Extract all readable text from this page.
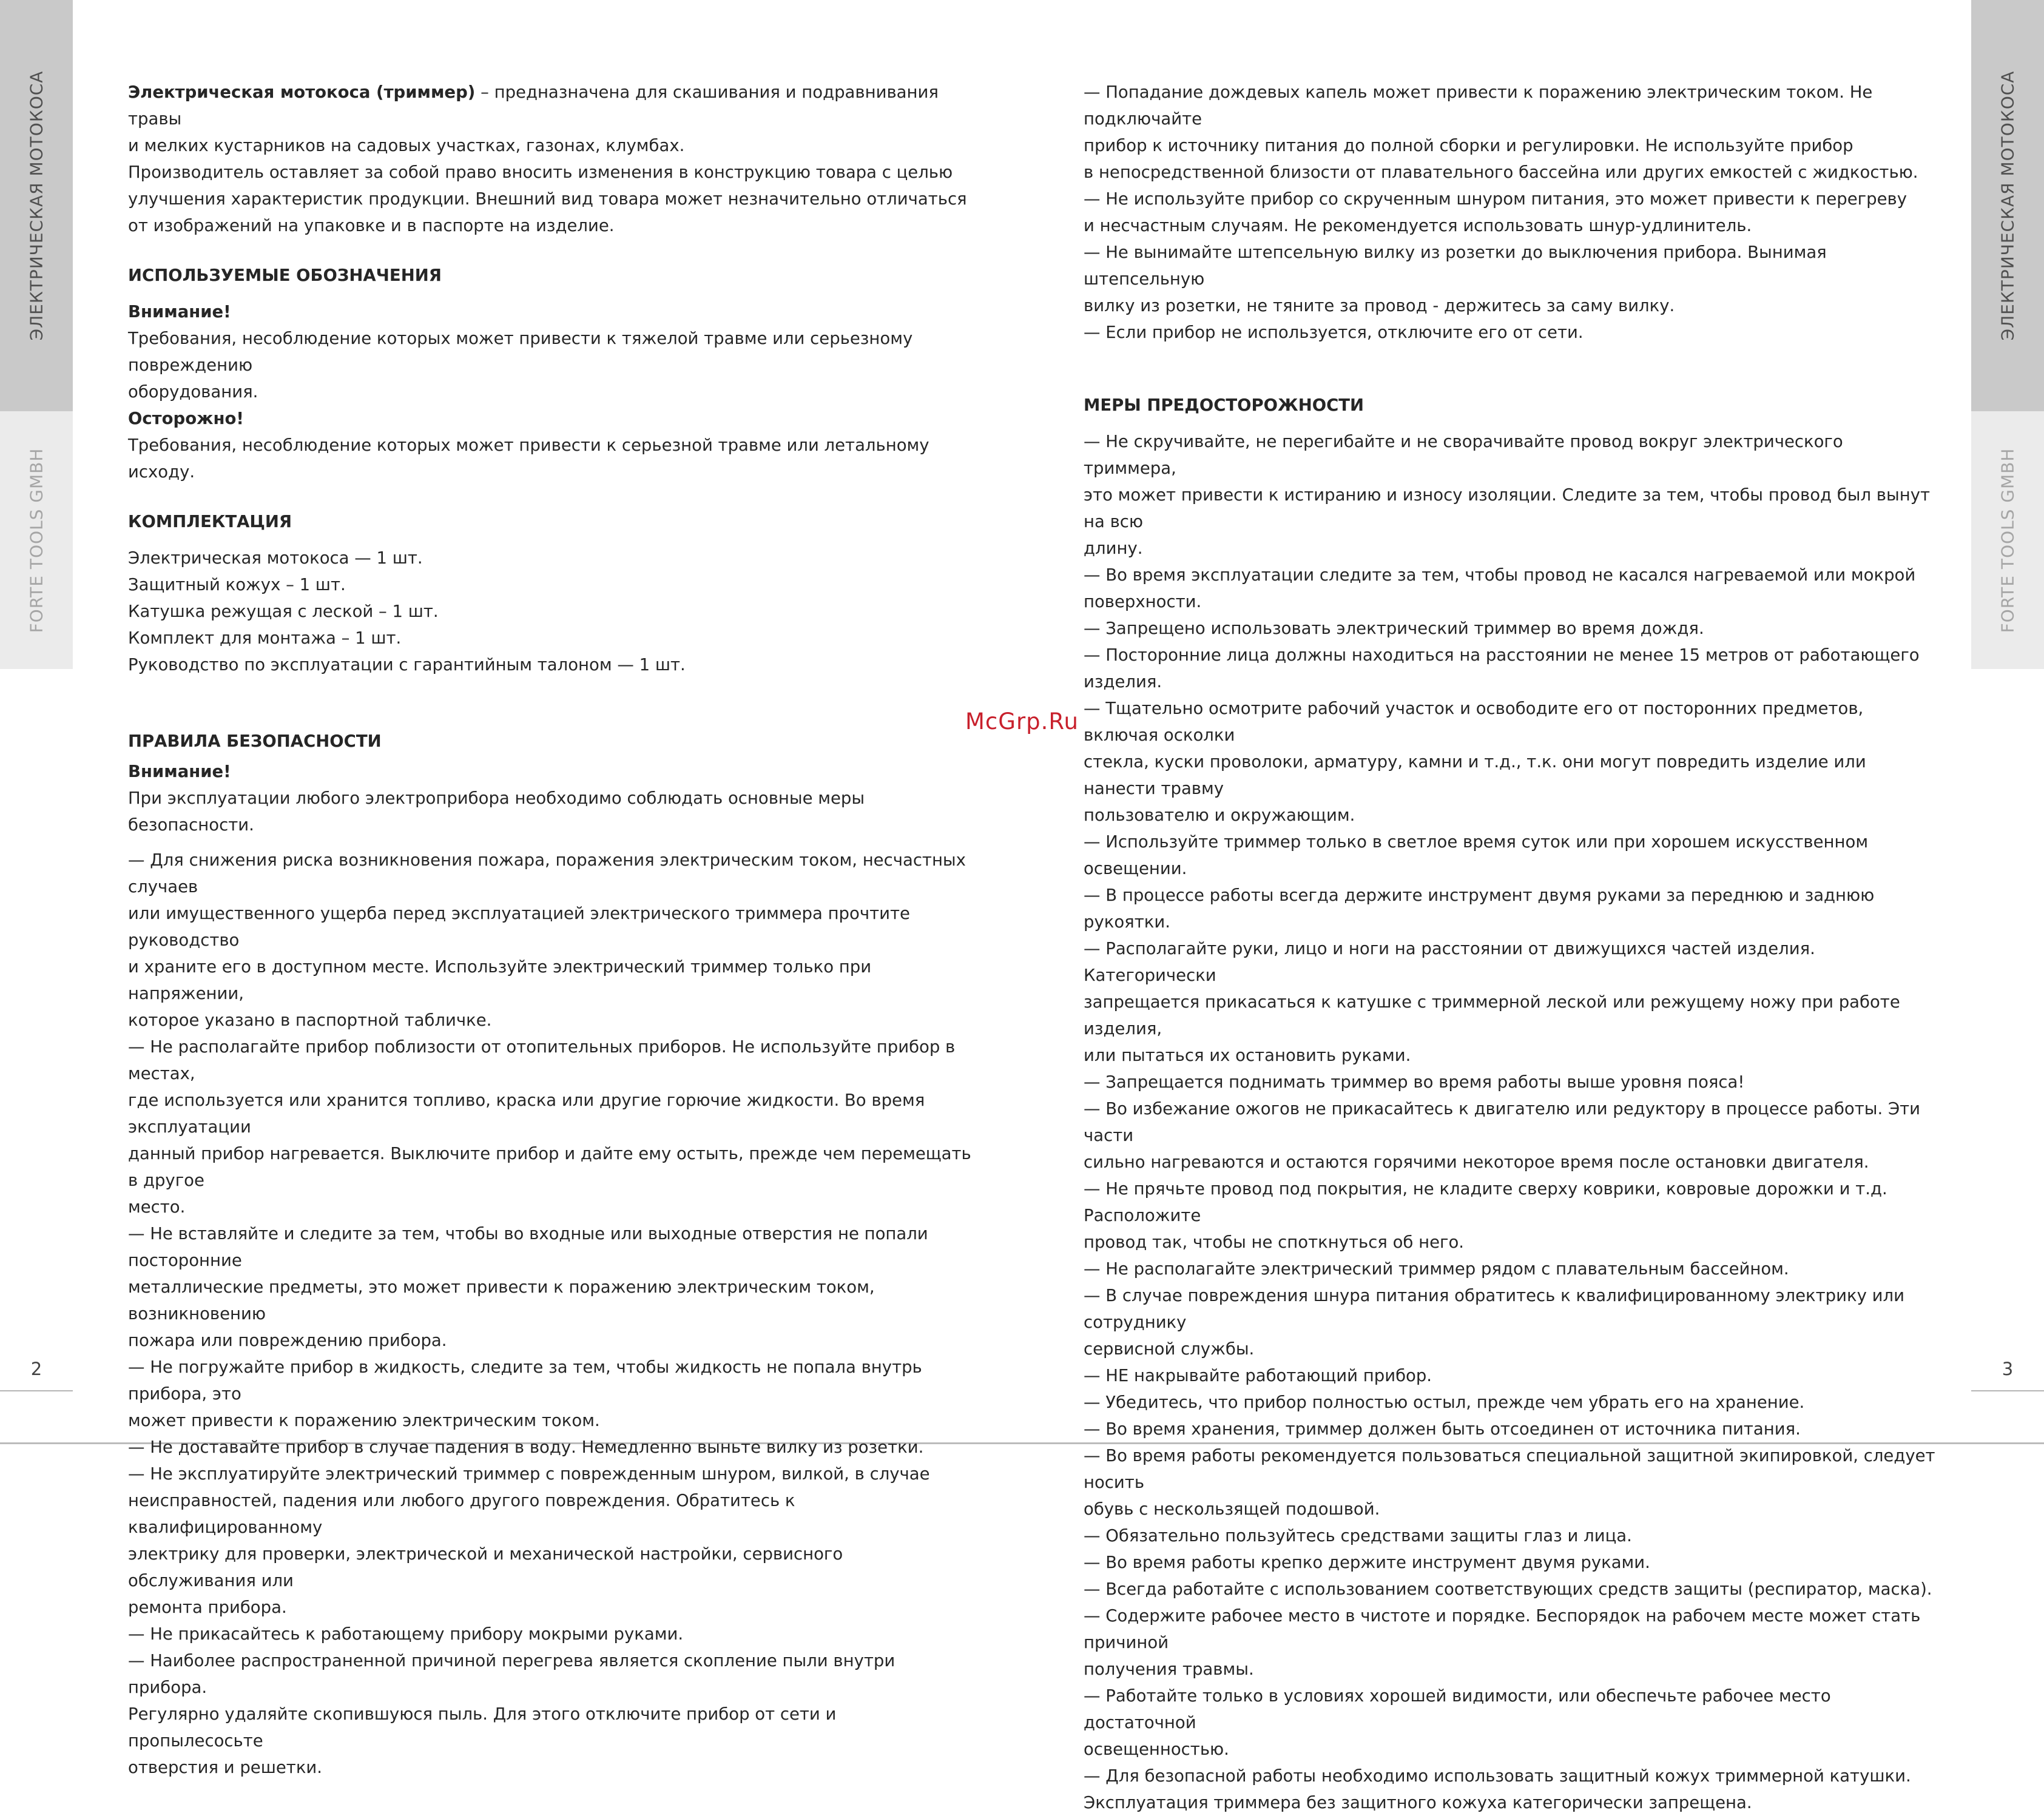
ЭЛЕКТРИЧЕСКАЯ МОТОКОСА
FORTE TOOLS GMBH
ЭЛЕКТРИЧЕСКАЯ МОТОКОСА
FORTE TOOLS GMBH
2	3
McGrp.Ru

Электрическая мотокоса (триммер) – предназначена для скашивания и подравнивания травы

и мелких кустарников на садовых участках, газонах, клумбах.

Производитель оставляет за собой право вносить изменения в конструкцию товара с целью

улучшения характеристик продукции. Внешний вид товара может незначительно отличаться

от изображений на упаковке и в паспорте на изделие.

ИСПОЛЬЗУЕМЫЕ ОБОЗНАЧЕНИЯ

Внимание!

Требования, несоблюдение которых может привести к тяжелой травме или серьезному повреждению

оборудования.

Осторожно!

Требования, несоблюдение которых может привести к серьезной травме или летальному исходу.

КОМПЛЕКТАЦИЯ

Электрическая мотокоса — 1 шт.

Защитный кожух – 1 шт.

Катушка режущая с леской – 1 шт.

Комплект для монтажа – 1 шт.

Руководство по эксплуатации с гарантийным талоном — 1 шт.

ПРАВИЛА БЕЗОПАСНОСТИ

Внимание!

При эксплуатации любого электроприбора необходимо соблюдать основные меры безопасности.

— Для снижения риска возникновения пожара, поражения электрическим током, несчастных случаев

или имущественного ущерба перед эксплуатацией электрического триммера прочтите руководство

и храните его в доступном месте. Используйте электрический триммер только при напряжении,

которое указано в паспортной табличке.

— Не располагайте прибор поблизости от отопительных приборов. Не используйте прибор в местах,

где используется или хранится топливо, краска или другие горючие жидкости. Во время эксплуатации

данный прибор нагревается. Выключите прибор и дайте ему остыть, прежде чем перемещать в другое

место.

— Не вставляйте и следите за тем, чтобы во входные или выходные отверстия не попали посторонние

металлические предметы, это может привести к поражению электрическим током, возникновению

пожара или повреждению прибора.

— Не погружайте прибор в жидкость, следите за тем, чтобы жидкость не попала внутрь прибора, это

может привести к поражению электрическим током.

— Не доставайте прибор в случае падения в воду. Немедленно выньте вилку из розетки.

— Не эксплуатируйте электрический триммер с поврежденным шнуром, вилкой, в случае

неисправностей, падения или любого другого повреждения. Обратитесь к квалифицированному

электрику для проверки, электрической и механической настройки, сервисного обслуживания или

ремонта прибора.

— Не прикасайтесь к работающему прибору мокрыми руками.

— Наиболее распространенной причиной перегрева является скопление пыли внутри прибора.

Регулярно удаляйте скопившуюся пыль. Для этого отключите прибор от сети и пропылесосьте

отверстия и решетки.

— Попадание дождевых капель может привести к поражению электрическим током. Не подключайте

прибор к источнику питания до полной сборки и регулировки. Не используйте прибор

в непосредственной близости от плавательного бассейна или других емкостей с жидкостью.

— Не используйте прибор со скрученным шнуром питания, это может привести к перегреву

и несчастным случаям. Не рекомендуется использовать шнур-удлинитель.

— Не вынимайте штепсельную вилку из розетки до выключения прибора. Вынимая штепсельную

вилку из розетки, не тяните за провод - держитесь за саму вилку.

— Если прибор не используется, отключите его от сети.

МЕРЫ ПРЕДОСТОРОЖНОСТИ

— Не скручивайте, не перегибайте и не сворачивайте провод вокруг электрического триммера,

это может привести к истиранию и износу изоляции. Следите за тем, чтобы провод был вынут на всю

длину.

— Во время эксплуатации следите за тем, чтобы провод не касался нагреваемой или мокрой

поверхности.

— Запрещено использовать электрический триммер во время дождя.

— Посторонние лица должны находиться на расстоянии не менее 15 метров от работающего изделия.

— Тщательно осмотрите рабочий участок и освободите его от посторонних предметов, включая осколки

стекла, куски проволоки, арматуру, камни и т.д., т.к. они могут повредить изделие или нанести травму

пользователю и окружающим.

— Используйте триммер только в светлое время суток или при хорошем искусственном освещении.

— В процессе работы всегда держите инструмент двумя руками за переднюю и заднюю рукоятки.

— Располагайте руки, лицо и ноги на расстоянии от движущихся частей изделия. Категорически

запрещается прикасаться к катушке с триммерной леской или режущему ножу при работе изделия,

или пытаться их остановить руками.

— Запрещается поднимать триммер во время работы выше уровня пояса!

— Во избежание ожогов не прикасайтесь к двигателю или редуктору в процессе работы. Эти части

сильно нагреваются и остаются горячими некоторое время после остановки двигателя.

— Не прячьте провод под покрытия, не кладите сверху коврики, ковровые дорожки и т.д. Расположите

провод так, чтобы не споткнуться об него.

— Не располагайте электрический триммер рядом с плавательным бассейном.

— В случае повреждения шнура питания обратитесь к квалифицированному электрику или сотруднику

сервисной службы.

— НЕ накрывайте работающий прибор.

— Убедитесь, что прибор полностью остыл, прежде чем убрать его на хранение.

— Во время хранения, триммер должен быть отсоединен от источника питания.

— Во время работы рекомендуется пользоваться специальной защитной экипировкой, следует носить

обувь с нескользящей подошвой.

— Обязательно пользуйтесь средствами защиты глаз и лица.

— Во время работы крепко держите инструмент двумя руками.

— Всегда работайте с использованием соответствующих средств защиты (респиратор, маска).

— Содержите рабочее место в чистоте и порядке. Беспорядок на рабочем месте может стать причиной

получения травмы.

— Работайте только в условиях хорошей видимости, или обеспечьте рабочее место достаточной

освещенностью.

— Для безопасной работы необходимо использовать защитный кожух триммерной катушки.

Эксплуатация триммера без защитного кожуха категорически запрещена.
